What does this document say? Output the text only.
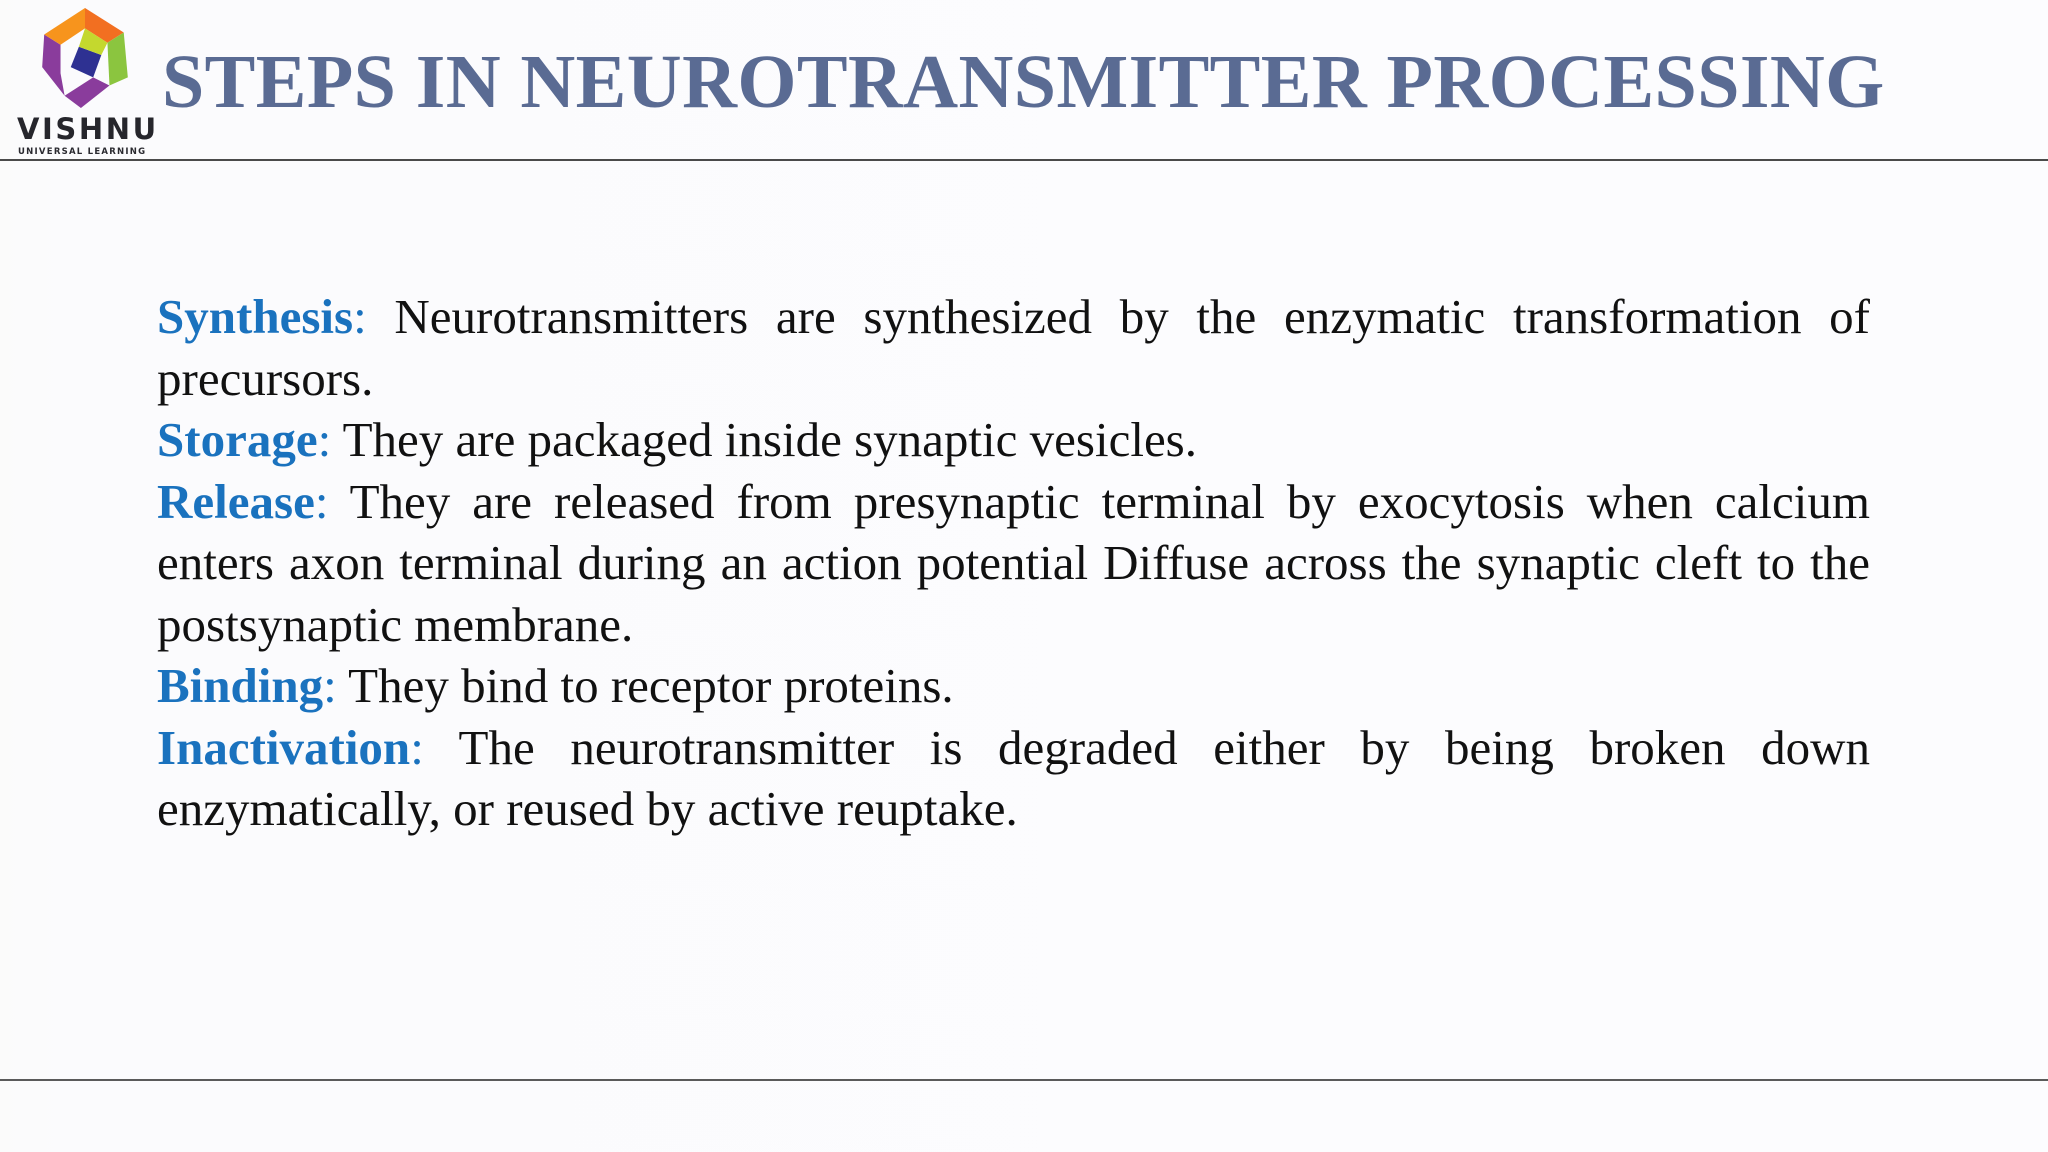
VISHNU
UNIVERSAL LEARNING
STEPS IN NEUROTRANSMITTER PROCESSING

Synthesis: Neurotransmitters are synthesized by the enzymatic transformation of precursors.

Storage: They are packaged inside synaptic vesicles.

Release: They are released from presynaptic terminal by exocytosis when calcium enters axon terminal during an action potential Diffuse across the synaptic cleft to the postsynaptic membrane.

Binding: They bind to receptor proteins.

Inactivation: The neurotransmitter is degraded either by being broken down enzymatically, or reused by active reuptake.
